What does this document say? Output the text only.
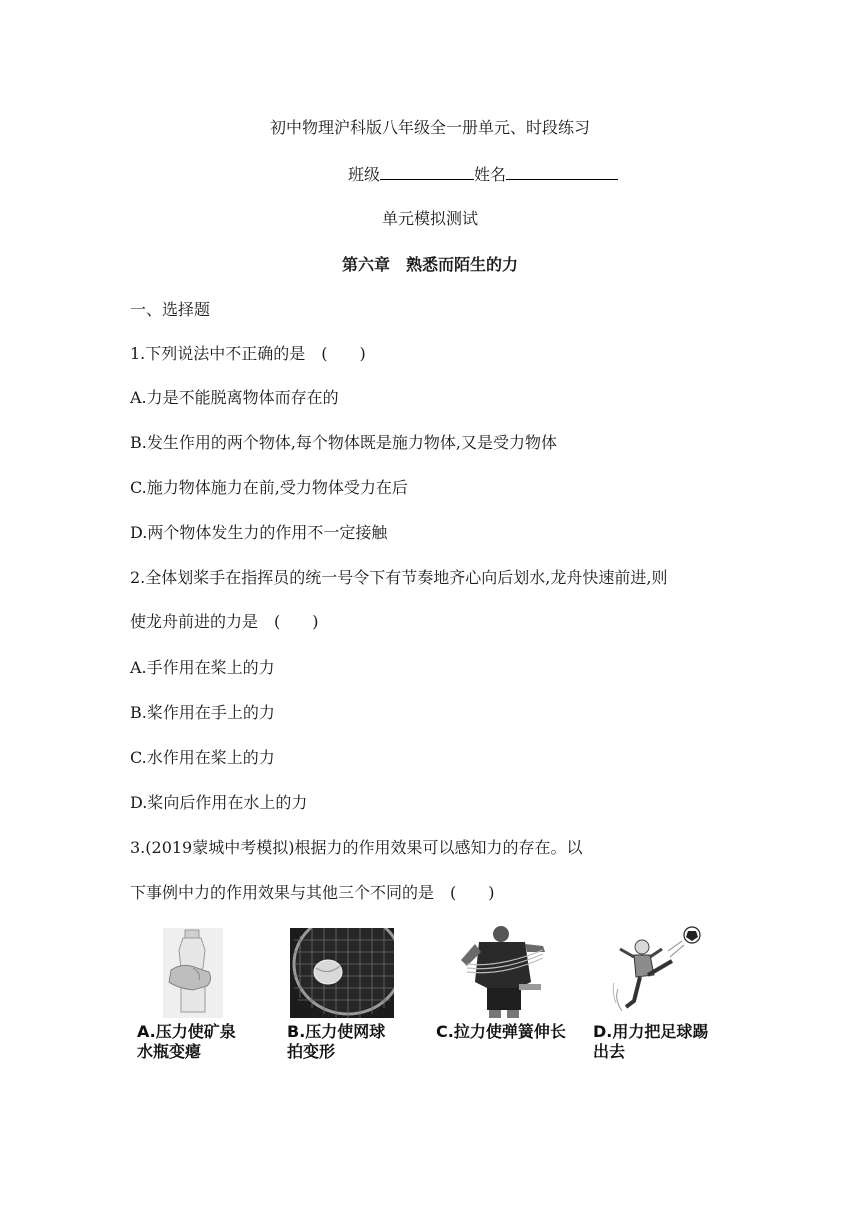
初中物理沪科版八年级全一册单元、时段练习
班级	姓名
单元模拟测试
第六章　熟悉而陌生的力
一、选择题
1.下列说法中不正确的是　(　　)
A.力是不能脱离物体而存在的
B.发生作用的两个物体,每个物体既是施力物体,又是受力物体
C.施力物体施力在前,受力物体受力在后
D.两个物体发生力的作用不一定接触
2.全体划桨手在指挥员的统一号令下有节奏地齐心向后划水,龙舟快速前进,则
使龙舟前进的力是　(　　)
A.手作用在桨上的力
B.桨作用在手上的力
C.水作用在桨上的力
D.桨向后作用在水上的力
3.(2019蒙城中考模拟)根据力的作用效果可以感知力的存在。以
下事例中力的作用效果与其他三个不同的是　(　　)
A.压力使矿泉
水瓶变瘪
B.压力使网球
拍变形
C.拉力使弹簧伸长 D.用力把足球踢
出去
